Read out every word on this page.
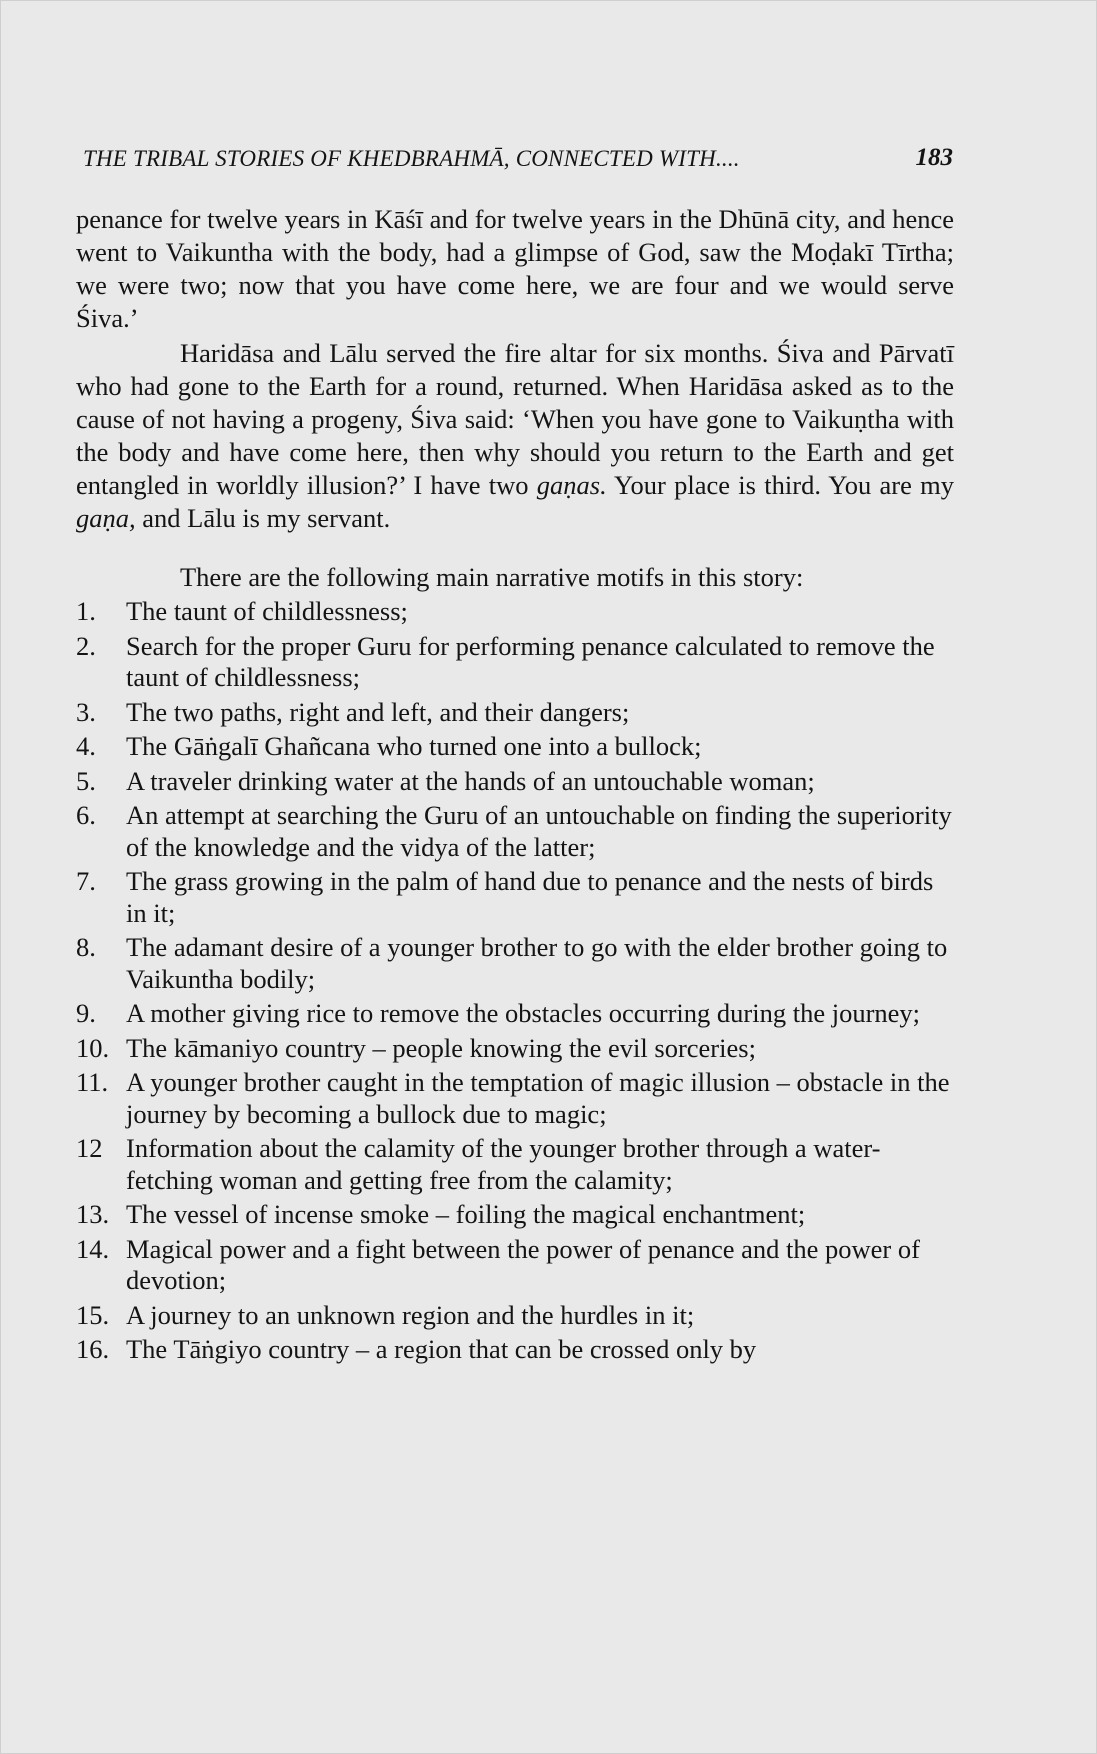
THE TRIBAL STORIES OF KHEDBRAHMĀ, CONNECTED WITH....	183

penance for twelve years in Kāśī and for twelve years in the Dhūnā city, and hence went to Vaikuntha with the body, had a glimpse of God, saw the Moḍakī Tīrtha; we were two; now that you have come here, we are four and we would serve Śiva.’

Haridāsa and Lālu served the fire altar for six months. Śiva and Pārvatī who had gone to the Earth for a round, returned. When Haridāsa asked as to the cause of not having a progeny, Śiva said: ‘When you have gone to Vaikuṇtha with the body and have come here, then why should you return to the Earth and get entangled in worldly illusion?’ I have two gaṇas. Your place is third. You are my gaṇa, and Lālu is my servant.

There are the following main narrative motifs in this story:

1. The taunt of childlessness;
2. Search for the proper Guru for performing penance calculated to remove the taunt of childlessness;
3. The two paths, right and left, and their dangers;
4. The Gāṅgalī Ghañcana who turned one into a bullock;
5. A traveler drinking water at the hands of an untouchable woman;
6. An attempt at searching the Guru of an untouchable on finding the superiority of the knowledge and the vidya of the latter;
7. The grass growing in the palm of hand due to penance and the nests of birds in it;
8. The adamant desire of a younger brother to go with the elder brother going to Vaikuntha bodily;
9. A mother giving rice to remove the obstacles occurring during the journey;
10. The kāmaniyo country – people knowing the evil sorceries;
11. A younger brother caught in the temptation of magic illusion – obstacle in the journey by becoming a bullock due to magic;
12 Information about the calamity of the younger brother through a water-fetching woman and getting free from the calamity;
13. The vessel of incense smoke – foiling the magical enchantment;
14. Magical power and a fight between the power of penance and the power of devotion;
15. A journey to an unknown region and the hurdles in it;
16. The Tāṅgiyo country – a region that can be crossed only by
